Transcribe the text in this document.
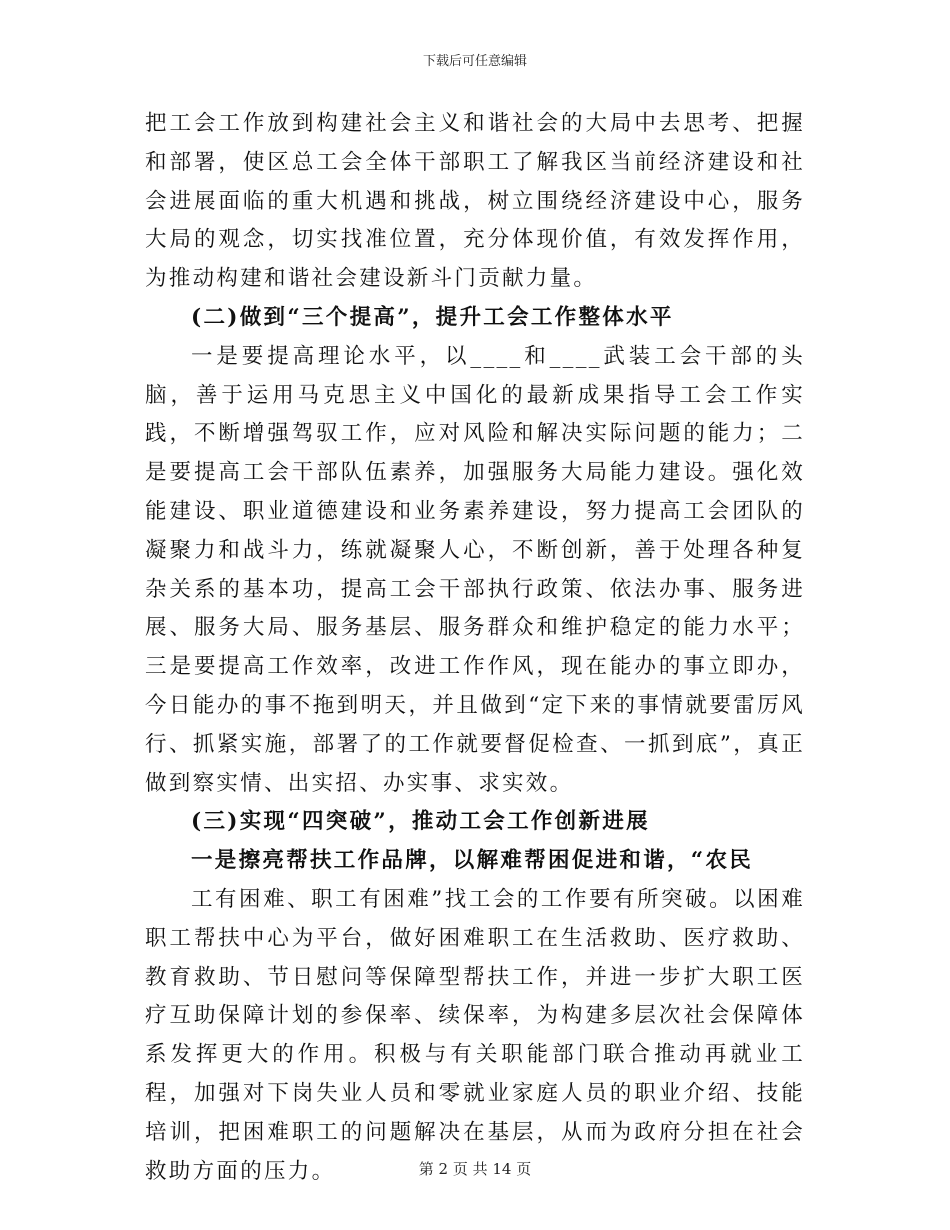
下载后可任意编辑

把工会工作放到构建社会主义和谐社会的大局中去思考、把握和部署，使区总工会全体干部职工了解我区当前经济建设和社会进展面临的重大机遇和挑战，树立围绕经济建设中心，服务大局的观念，切实找准位置，充分体现价值，有效发挥作用，为推动构建和谐社会建设新斗门贡献力量。

(二)做到“三个提高”，提升工会工作整体水平

一是要提高理论水平，以____和____武装工会干部的头脑，善于运用马克思主义中国化的最新成果指导工会工作实践，不断增强驾驭工作，应对风险和解决实际问题的能力；二是要提高工会干部队伍素养，加强服务大局能力建设。强化效能建设、职业道德建设和业务素养建设，努力提高工会团队的凝聚力和战斗力，练就凝聚人心，不断创新，善于处理各种复杂关系的基本功，提高工会干部执行政策、依法办事、服务进展、服务大局、服务基层、服务群众和维护稳定的能力水平；三是要提高工作效率，改进工作作风，现在能办的事立即办，今日能办的事不拖到明天，并且做到“定下来的事情就要雷厉风行、抓紧实施，部署了的工作就要督促检查、一抓到底”，真正做到察实情、出实招、办实事、求实效。

(三)实现“四突破”，推动工会工作创新进展

一是擦亮帮扶工作品牌，以解难帮困促进和谐，“农民

工有困难、职工有困难”找工会的工作要有所突破。以困难职工帮扶中心为平台，做好困难职工在生活救助、医疗救助、教育救助、节日慰问等保障型帮扶工作，并进一步扩大职工医疗互助保障计划的参保率、续保率，为构建多层次社会保障体系发挥更大的作用。积极与有关职能部门联合推动再就业工程，加强对下岗失业人员和零就业家庭人员的职业介绍、技能培训，把困难职工的问题解决在基层，从而为政府分担在社会救助方面的压力。	第 2 页 共 14 页
